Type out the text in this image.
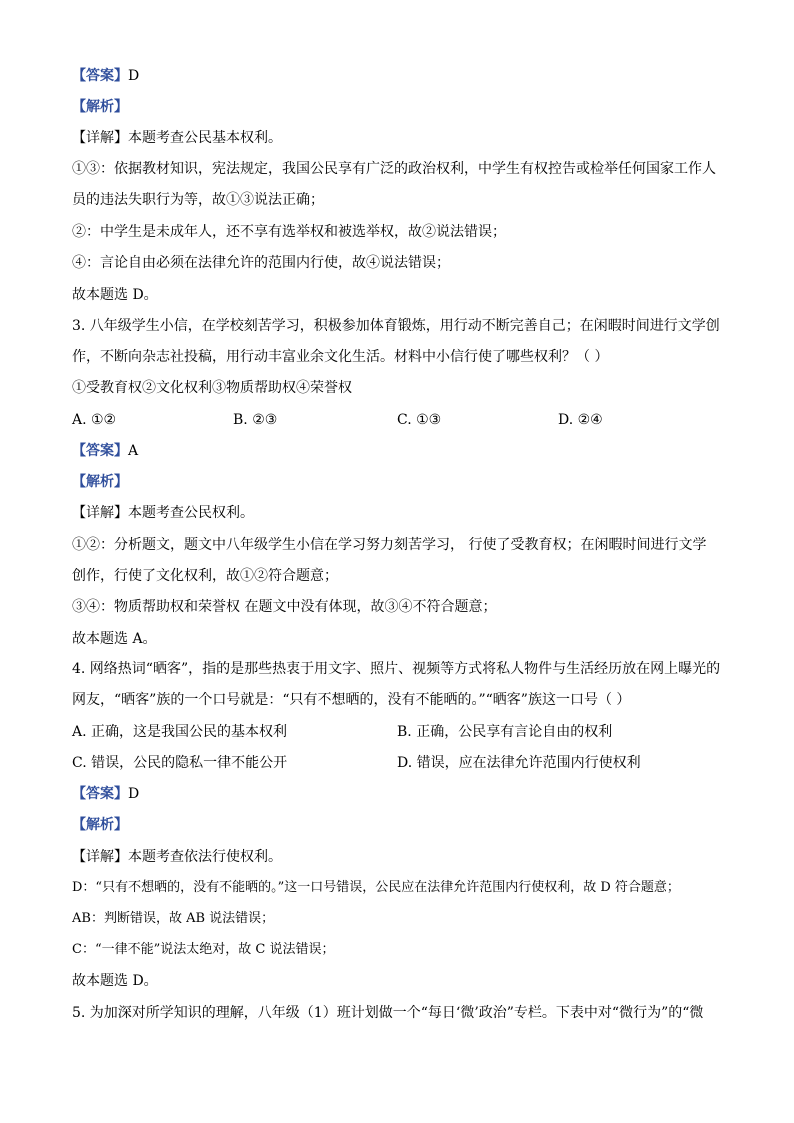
【答案】D
【解析】
【详解】本题考查公民基本权利。
①③：依据教材知识，宪法规定，我国公民享有广泛的政治权利，中学生有权控告或检举任何国家工作人
员的违法失职行为等，故①③说法正确；
②：中学生是未成年人，还不享有选举权和被选举权，故②说法错误；
④：言论自由必须在法律允许的范围内行使，故④说法错误；
故本题选 D。
3. 八年级学生小信，在学校刻苦学习，积极参加体育锻炼，用行动不断完善自己；在闲暇时间进行文学创
作，不断向杂志社投稿，用行动丰富业余文化生活。材料中小信行使了哪些权利？（ ）
①受教育权②文化权利③物质帮助权④荣誉权
A. ①②	B. ②③	C. ①③	D. ②④
【答案】A
【解析】
【详解】本题考查公民权利。
①②：分析题文，题文中八年级学生小信在学习努力刻苦学习， 行使了受教育权；在闲暇时间进行文学
创作，行使了文化权利，故①②符合题意；
③④：物质帮助权和荣誉权 在题文中没有体现，故③④不符合题意；
故本题选 A。
4. 网络热词“晒客”，指的是那些热衷于用文字、照片、视频等方式将私人物件与生活经历放在网上曝光的
网友，“晒客”族的一个口号就是：“只有不想晒的，没有不能晒的。”“晒客”族这一口号（ ）
A. 正确，这是我国公民的基本权利	B. 正确，公民享有言论自由的权利
C. 错误，公民的隐私一律不能公开	D. 错误，应在法律允许范围内行使权利
【答案】D
【解析】
【详解】本题考查依法行使权利。
D：“只有不想晒的，没有不能晒的。”这一口号错误，公民应在法律允许范围内行使权利，故 D 符合题意；
AB：判断错误，故 AB 说法错误；
C：“一律不能”说法太绝对，故 C 说法错误；
故本题选 D。
5. 为加深对所学知识的理解，八年级（1）班计划做一个“每日‘微’政治”专栏。下表中对“微行为”的“微
